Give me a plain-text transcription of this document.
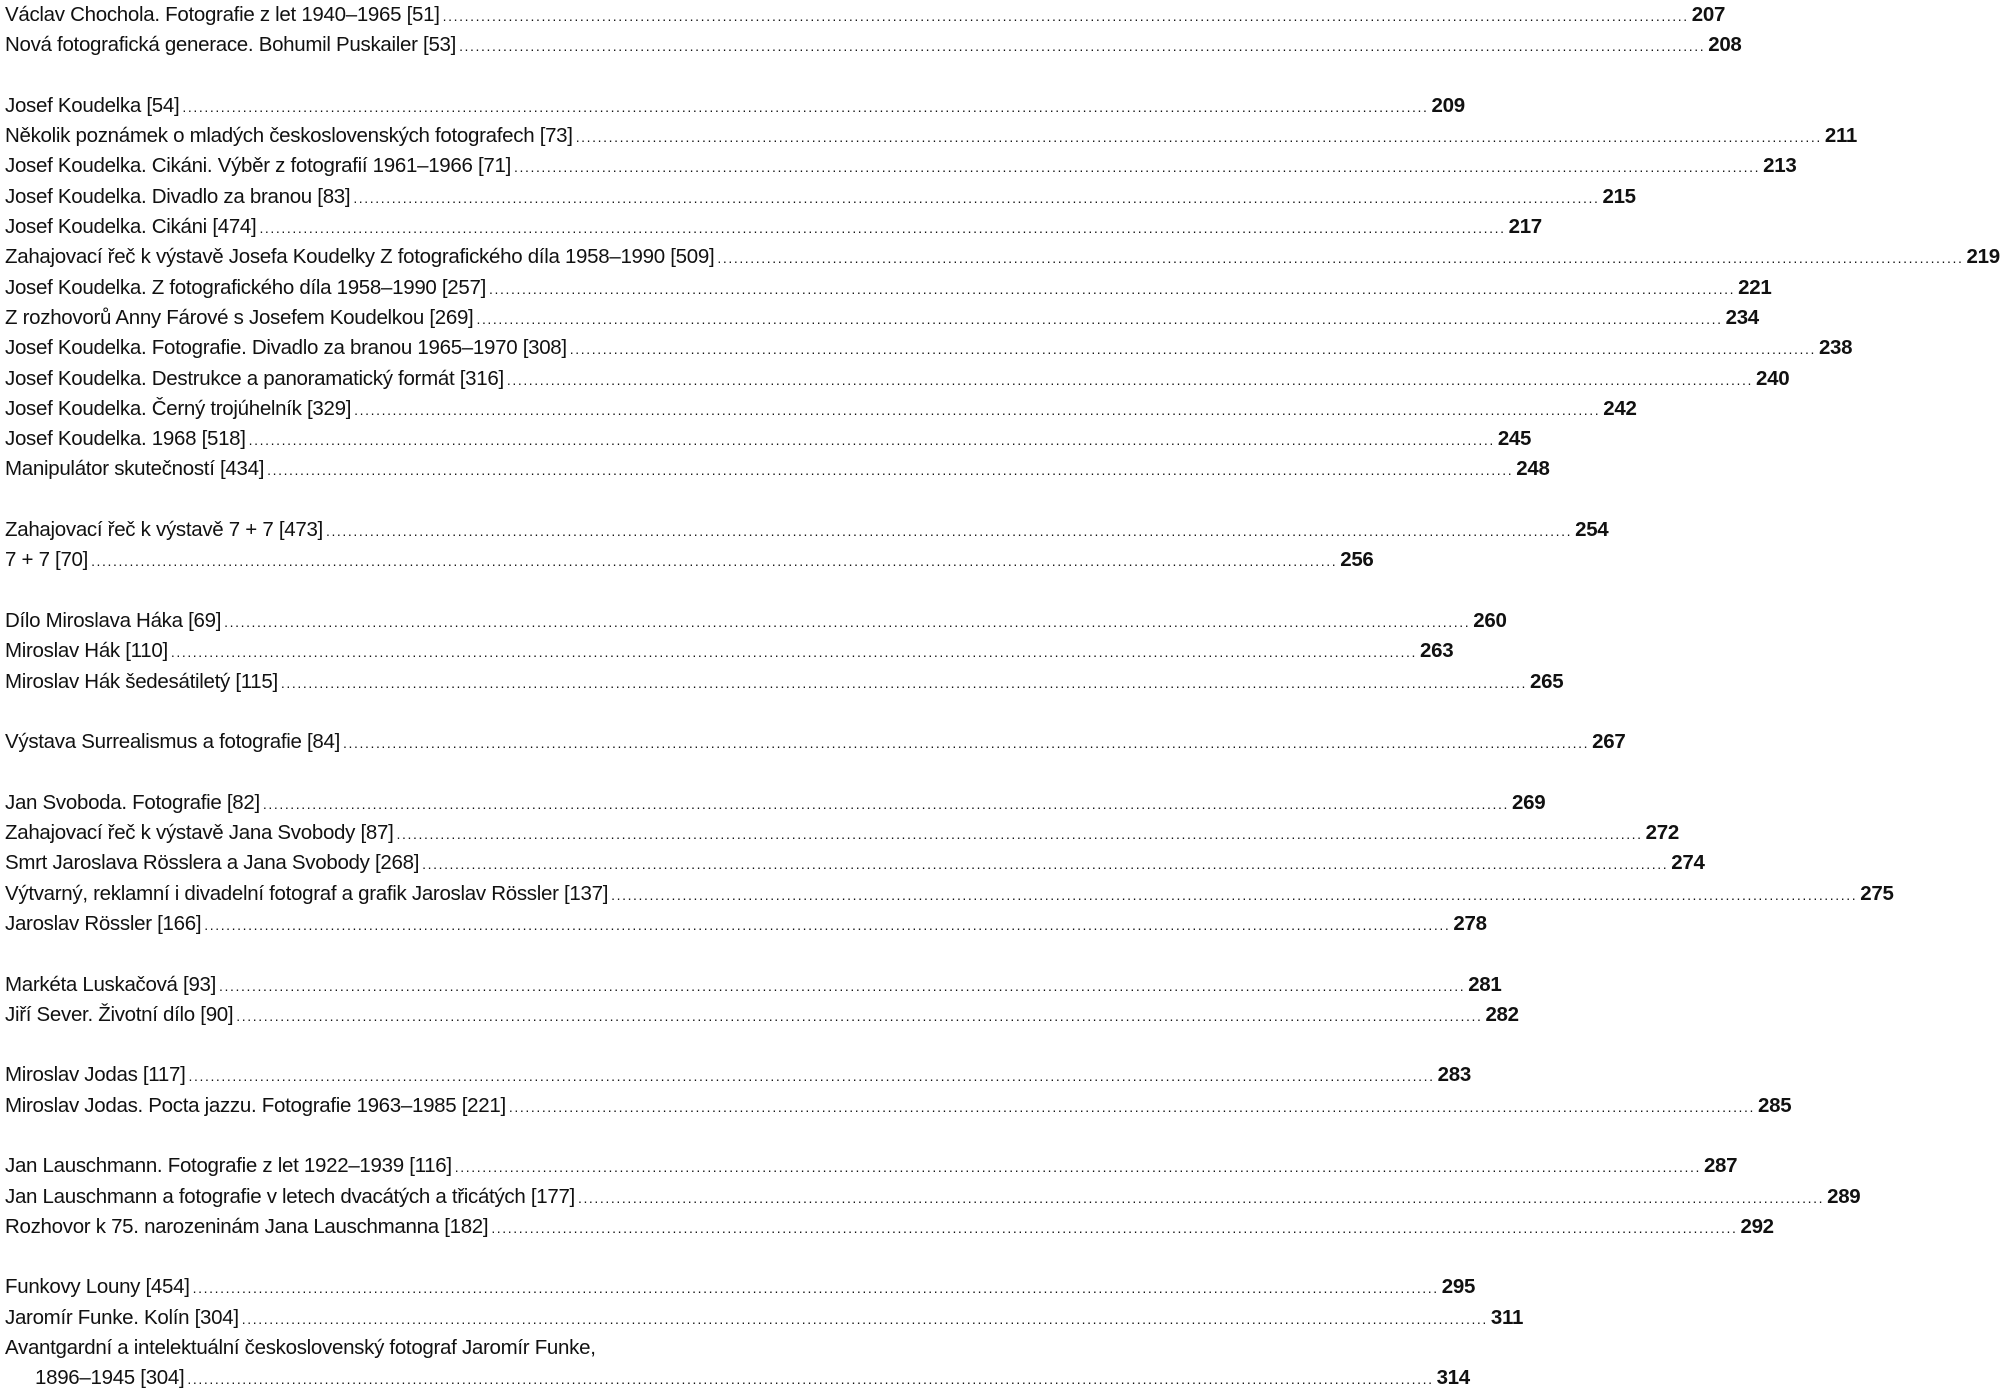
Václav Chochola. Fotografie z let 1940–1965 [51] .....	207
Nová fotografická generace. Bohumil Puskailer [53] .....	208
Josef Koudelka [54] .....	209
Několik poznámek o mladých československých fotografech [73] .....	211
Josef Koudelka. Cikáni. Výběr z fotografií 1961–1966 [71] .....	213
Josef Koudelka. Divadlo za branou [83] .....	215
Josef Koudelka. Cikáni [474] .....	217
Zahajovací řeč k výstavě Josefa Koudelky Z fotografického díla 1958–1990 [509] .....	219
Josef Koudelka. Z fotografického díla 1958–1990 [257] .....	221
Z rozhovorů Anny Fárové s Josefem Koudelkou [269] .....	234
Josef Koudelka. Fotografie. Divadlo za branou 1965–1970 [308] .....	238
Josef Koudelka. Destrukce a panoramatický formát [316] .....	240
Josef Koudelka. Černý trojúhelník [329] .....	242
Josef Koudelka. 1968 [518] .....	245
Manipulátor skutečností [434] .....	248
Zahajovací řeč k výstavě 7 + 7 [473] .....	254
7 + 7 [70] .....	256
Dílo Miroslava Háka [69] .....	260
Miroslav Hák [110] .....	263
Miroslav Hák šedesátiletý [115] .....	265
Výstava Surrealismus a fotografie [84] .....	267
Jan Svoboda. Fotografie [82] .....	269
Zahajovací řeč k výstavě Jana Svobody [87] .....	272
Smrt Jaroslava Rösslera a Jana Svobody [268] .....	274
Výtvarný, reklamní i divadelní fotograf a grafik Jaroslav Rössler [137] .....	275
Jaroslav Rössler [166] .....	278
Markéta Luskačová [93] .....	281
Jiří Sever. Životní dílo [90] .....	282
Miroslav Jodas [117] .....	283
Miroslav Jodas. Pocta jazzu. Fotografie 1963–1985 [221] .....	285
Jan Lauschmann. Fotografie z let 1922–1939 [116] .....	287
Jan Lauschmann a fotografie v letech dvacátých a třicátých [177] .....	289
Rozhovor k 75. narozeninám Jana Lauschmanna [182] .....	292
Funkovy Louny [454] .....	295
Jaromír Funke. Kolín [304] .....	311
Avantgardní a intelektuální československý fotograf Jaromír Funke,
1896–1945 [304] .....	314
